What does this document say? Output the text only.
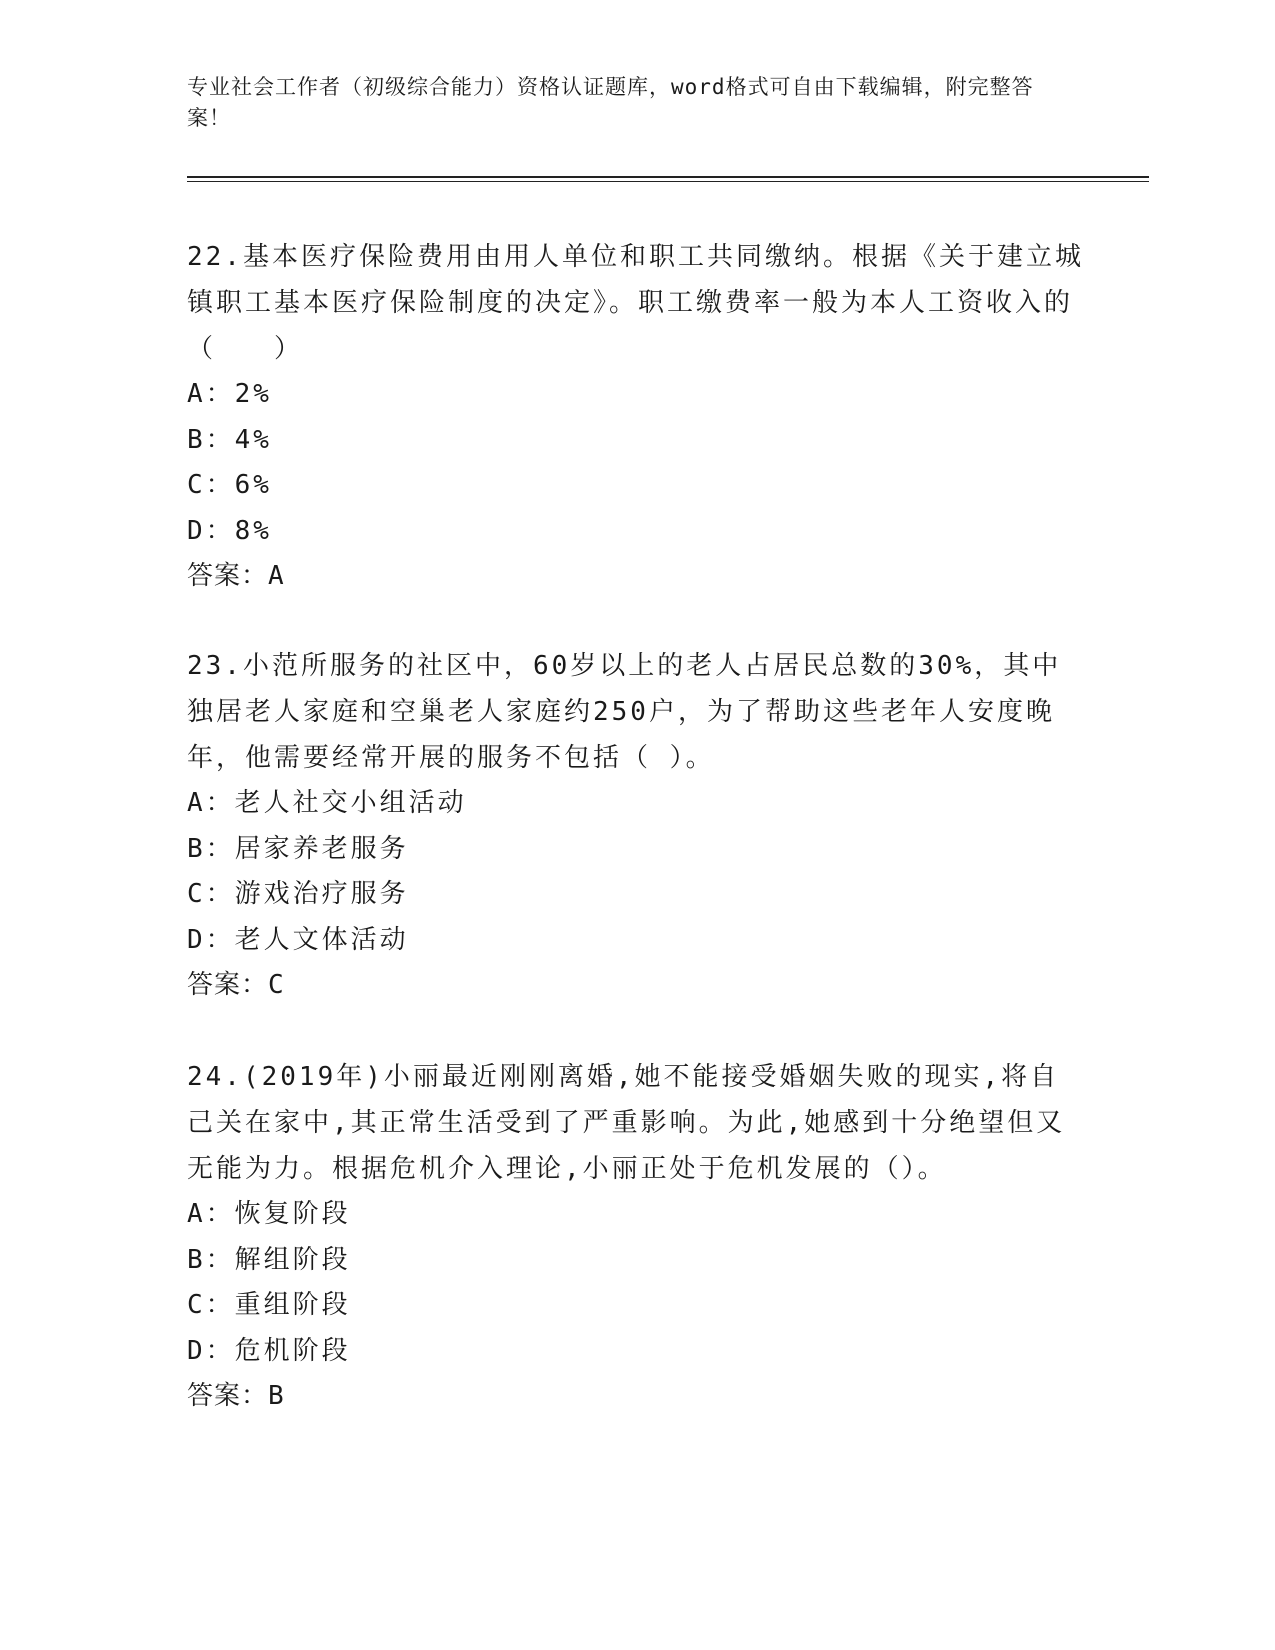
专业社会工作者（初级综合能力）资格认证题库，word格式可自由下载编辑，附完整答案！

22.基本医疗保险费用由用人单位和职工共同缴纳。根据《关于建立城镇职工基本医疗保险制度的决定》。职工缴费率一般为本人工资收入的（　　）

A：2%

B：4%

C：6%

D：8%

答案：A

23.小范所服务的社区中，60岁以上的老人占居民总数的30%，其中独居老人家庭和空巢老人家庭约250户，为了帮助这些老年人安度晚年，他需要经常开展的服务不包括（ ）。

A：老人社交小组活动

B：居家养老服务

C：游戏治疗服务

D：老人文体活动

答案：C

24.(2019年)小丽最近刚刚离婚,她不能接受婚姻失败的现实,将自己关在家中,其正常生活受到了严重影响。为此,她感到十分绝望但又无能为力。根据危机介入理论,小丽正处于危机发展的（）。

A：恢复阶段

B：解组阶段

C：重组阶段

D：危机阶段

答案：B
